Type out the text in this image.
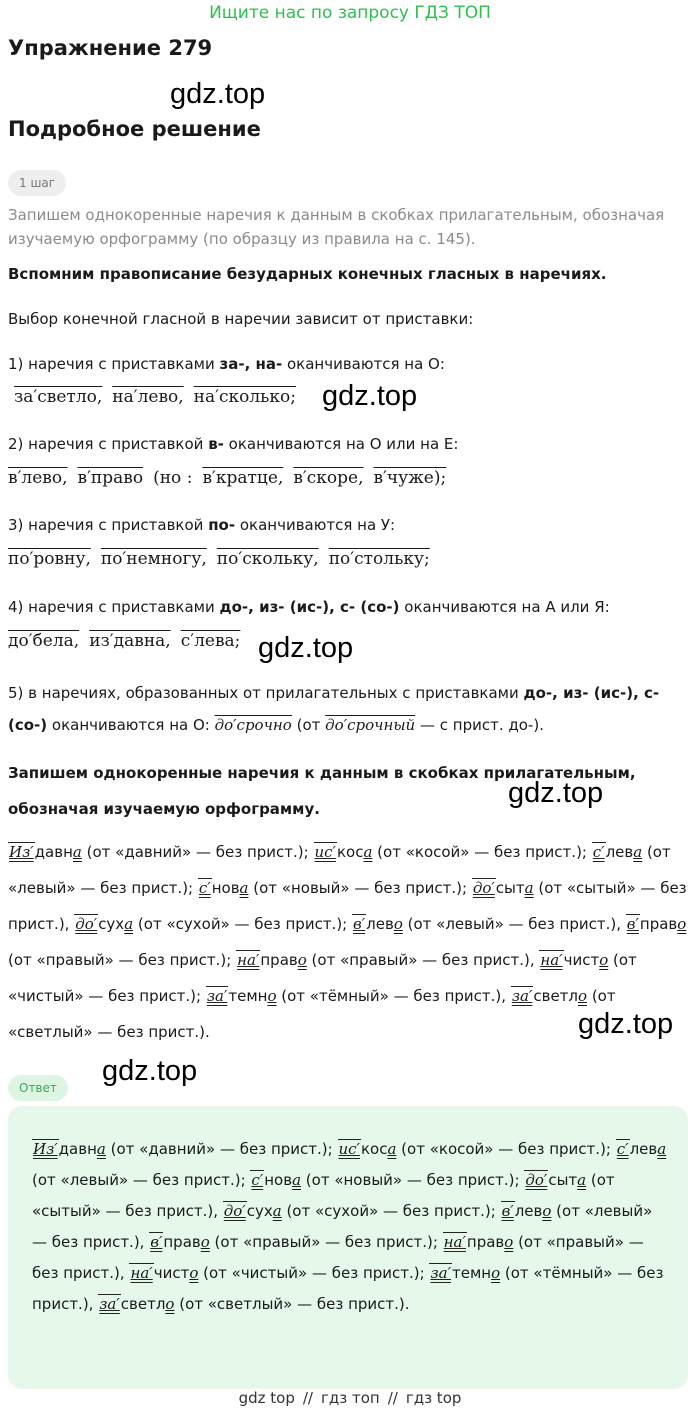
Ищите нас по запросу ГДЗ ТОП
Упражнение 279
gdz.top
Подробное решение
1 шаг
Запишем однокоренные наречия к данным в скобках прилагательным, обозначая изучаемую орфограмму (по образцу из правила на с. 145).
Вспомним правописание безударных конечных гласных в наречиях.
Выбор конечной гласной в наречии зависит от приставки:
1) наречия с приставками за-, на- оканчиваются на О:
за′светло, на′лево, на′сколько; gdz.top
2) наречия с приставкой в- оканчиваются на О или на Е:
в′лево, в′право (но : в′кратце, в′скоре, в′чуже);
3) наречия с приставкой по- оканчиваются на У:
по′ровну, по′немногу, по′скольку, по′стольку;
4) наречия с приставками до-, из- (ис-), с- (со-) оканчиваются на А или Я:
до′бела, из′давна, с′лева; gdz.top
5) в наречиях, образованных от прилагательных с приставками до-, из- (ис-), с- (со-) оканчиваются на О: до′срочно (от до′срочный — с прист. до-).
Запишем однокоренные наречия к данным в скобках прилагательным, обозначая изучаемую орфограмму.	gdz.top
Из′давна (от «давний» — без прист.); ис′коса (от «косой» — без прист.); с′лева (от «левый» — без прист.); с′нова (от «новый» — без прист.); до′сыта (от «сытый» — без прист.), до′суха (от «сухой» — без прист.); в′лево (от «левый» — без прист.), в′право (от «правый» — без прист.); на′право (от «правый» — без прист.), на′чисто (от «чистый» — без прист.); за′темно (от «тёмный» — без прист.), за′светло (от «светлый» — без прист.).	gdz.top
Ответ
gdz.top
Из′давна (от «давний» — без прист.); ис′коса (от «косой» — без прист.); с′лева (от «левый» — без прист.); с′нова (от «новый» — без прист.); до′сыта (от «сытый» — без прист.), до′суха (от «сухой» — без прист.); в′лево (от «левый» — без прист.), в′право (от «правый» — без прист.); на′право (от «правый» — без прист.), на′чисто (от «чистый» — без прист.); за′темно (от «тёмный» — без прист.), за′светло (от «светлый» — без прист.).
gdz top // гдз топ // гдз top
